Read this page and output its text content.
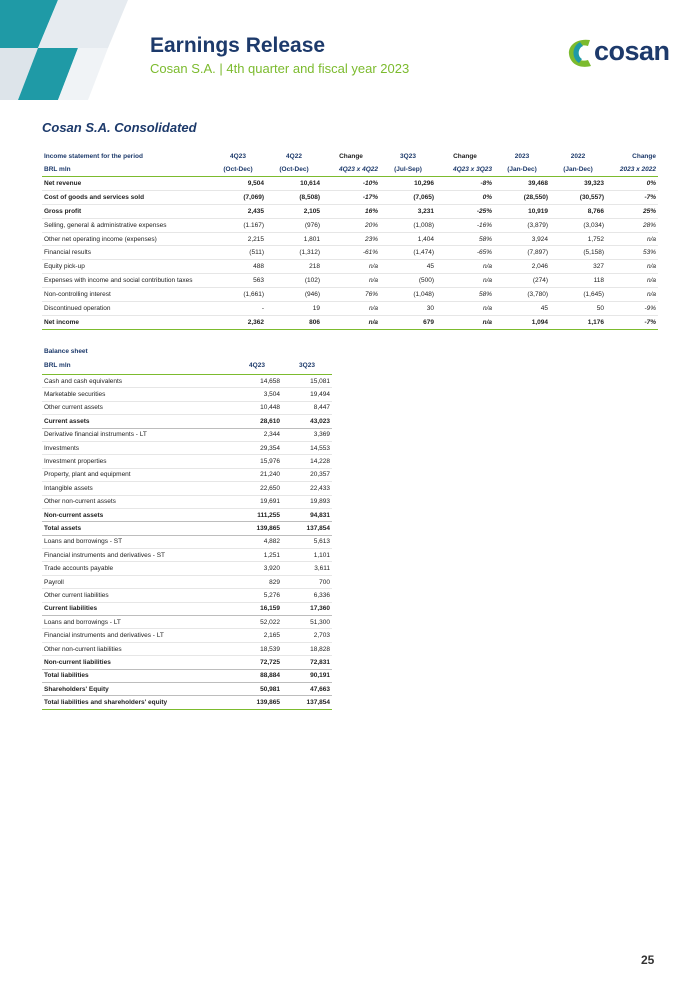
Earnings Release
Cosan S.A. | 4th quarter and fiscal year 2023
cosan
Cosan S.A. Consolidated
Income statement for the period	4Q23	4Q22	Change	3Q23	Change	2023	2022	Change
BRL mln	(Oct-Dec)	(Oct-Dec)	4Q23 x 4Q22	(Jul-Sep)	4Q23 x 3Q23	(Jan-Dec)	(Jan-Dec)	2023 x 2022
Net revenue	9,504	10,614	-10%	10,296	-8%	39,468	39,323	0%
Cost of goods and services sold	(7,069)	(8,508)	-17%	(7,065)	0%	(28,550)	(30,557)	-7%
Gross profit	2,435	2,105	16%	3,231	-25%	10,919	8,766	25%
Selling, general & administrative expenses	(1.167)	(976)	20%	(1,008)	-16%	(3,879)	(3,034)	28%
Other net operating income (expenses)	2,215	1,801	23%	1,404	58%	3,924	1,752	n/a
Financial results	(511)	(1,312)	-61%	(1,474)	-65%	(7,897)	(5,158)	53%
Equity pick-up	488	218	n/a	45	n/a	2,046	327	n/a
Expenses with income and social contribution taxes	563	(102)	n/a	(500)	n/a	(274)	118	n/a
Non-controlling interest	(1,661)	(946)	76%	(1,048)	58%	(3,780)	(1,645)	n/a
Discontinued operation	-	19	n/a	30	n/a	45	50	-9%
Net income	2,362	806	n/a	679	n/a	1,094	1,176	-7%
Balance sheet		
BRL mln	4Q23	3Q23
Cash and cash equivalents	14,658	15,081
Marketable securities	3,504	19,494
Other current assets	10,448	8,447
Current assets	28,610	43,023
Derivative financial instruments - LT	2,344	3,369
Investments	29,354	14,553
Investment properties	15,976	14,228
Property, plant and equipment	21,240	20,357
Intangible assets	22,650	22,433
Other non-current assets	19,691	19,893
Non-current assets	111,255	94,831
Total assets	139,865	137,854
Loans and borrowings - ST	4,882	5,613
Financial instruments and derivatives - ST	1,251	1,101
Trade accounts payable	3,920	3,611
Payroll	829	700
Other current liabilities	5,276	6,336
Current liabilities	16,159	17,360
Loans and borrowings - LT	52,022	51,300
Financial instruments and derivatives - LT	2,165	2,703
Other non-current liabilities	18,539	18,828
Non-current liabilities	72,725	72,831
Total liabilities	88,884	90,191
Shareholders' Equity	50,981	47,663
Total liabilities and shareholders' equity	139,865	137,854
25
